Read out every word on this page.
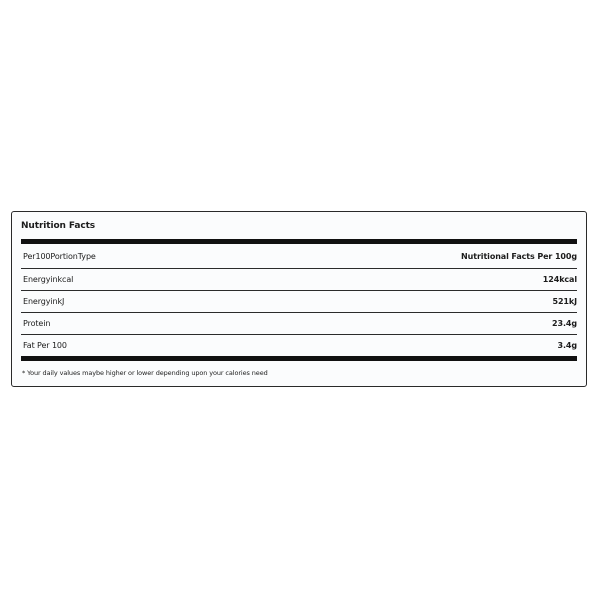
Nutrition Facts
Per100PortionType	Nutritional Facts Per 100g
Energyinkcal	124kcal
EnergyinkJ	521kJ
Protein	23.4g
Fat Per 100	3.4g
* Your daily values maybe higher or lower depending upon your calories need
